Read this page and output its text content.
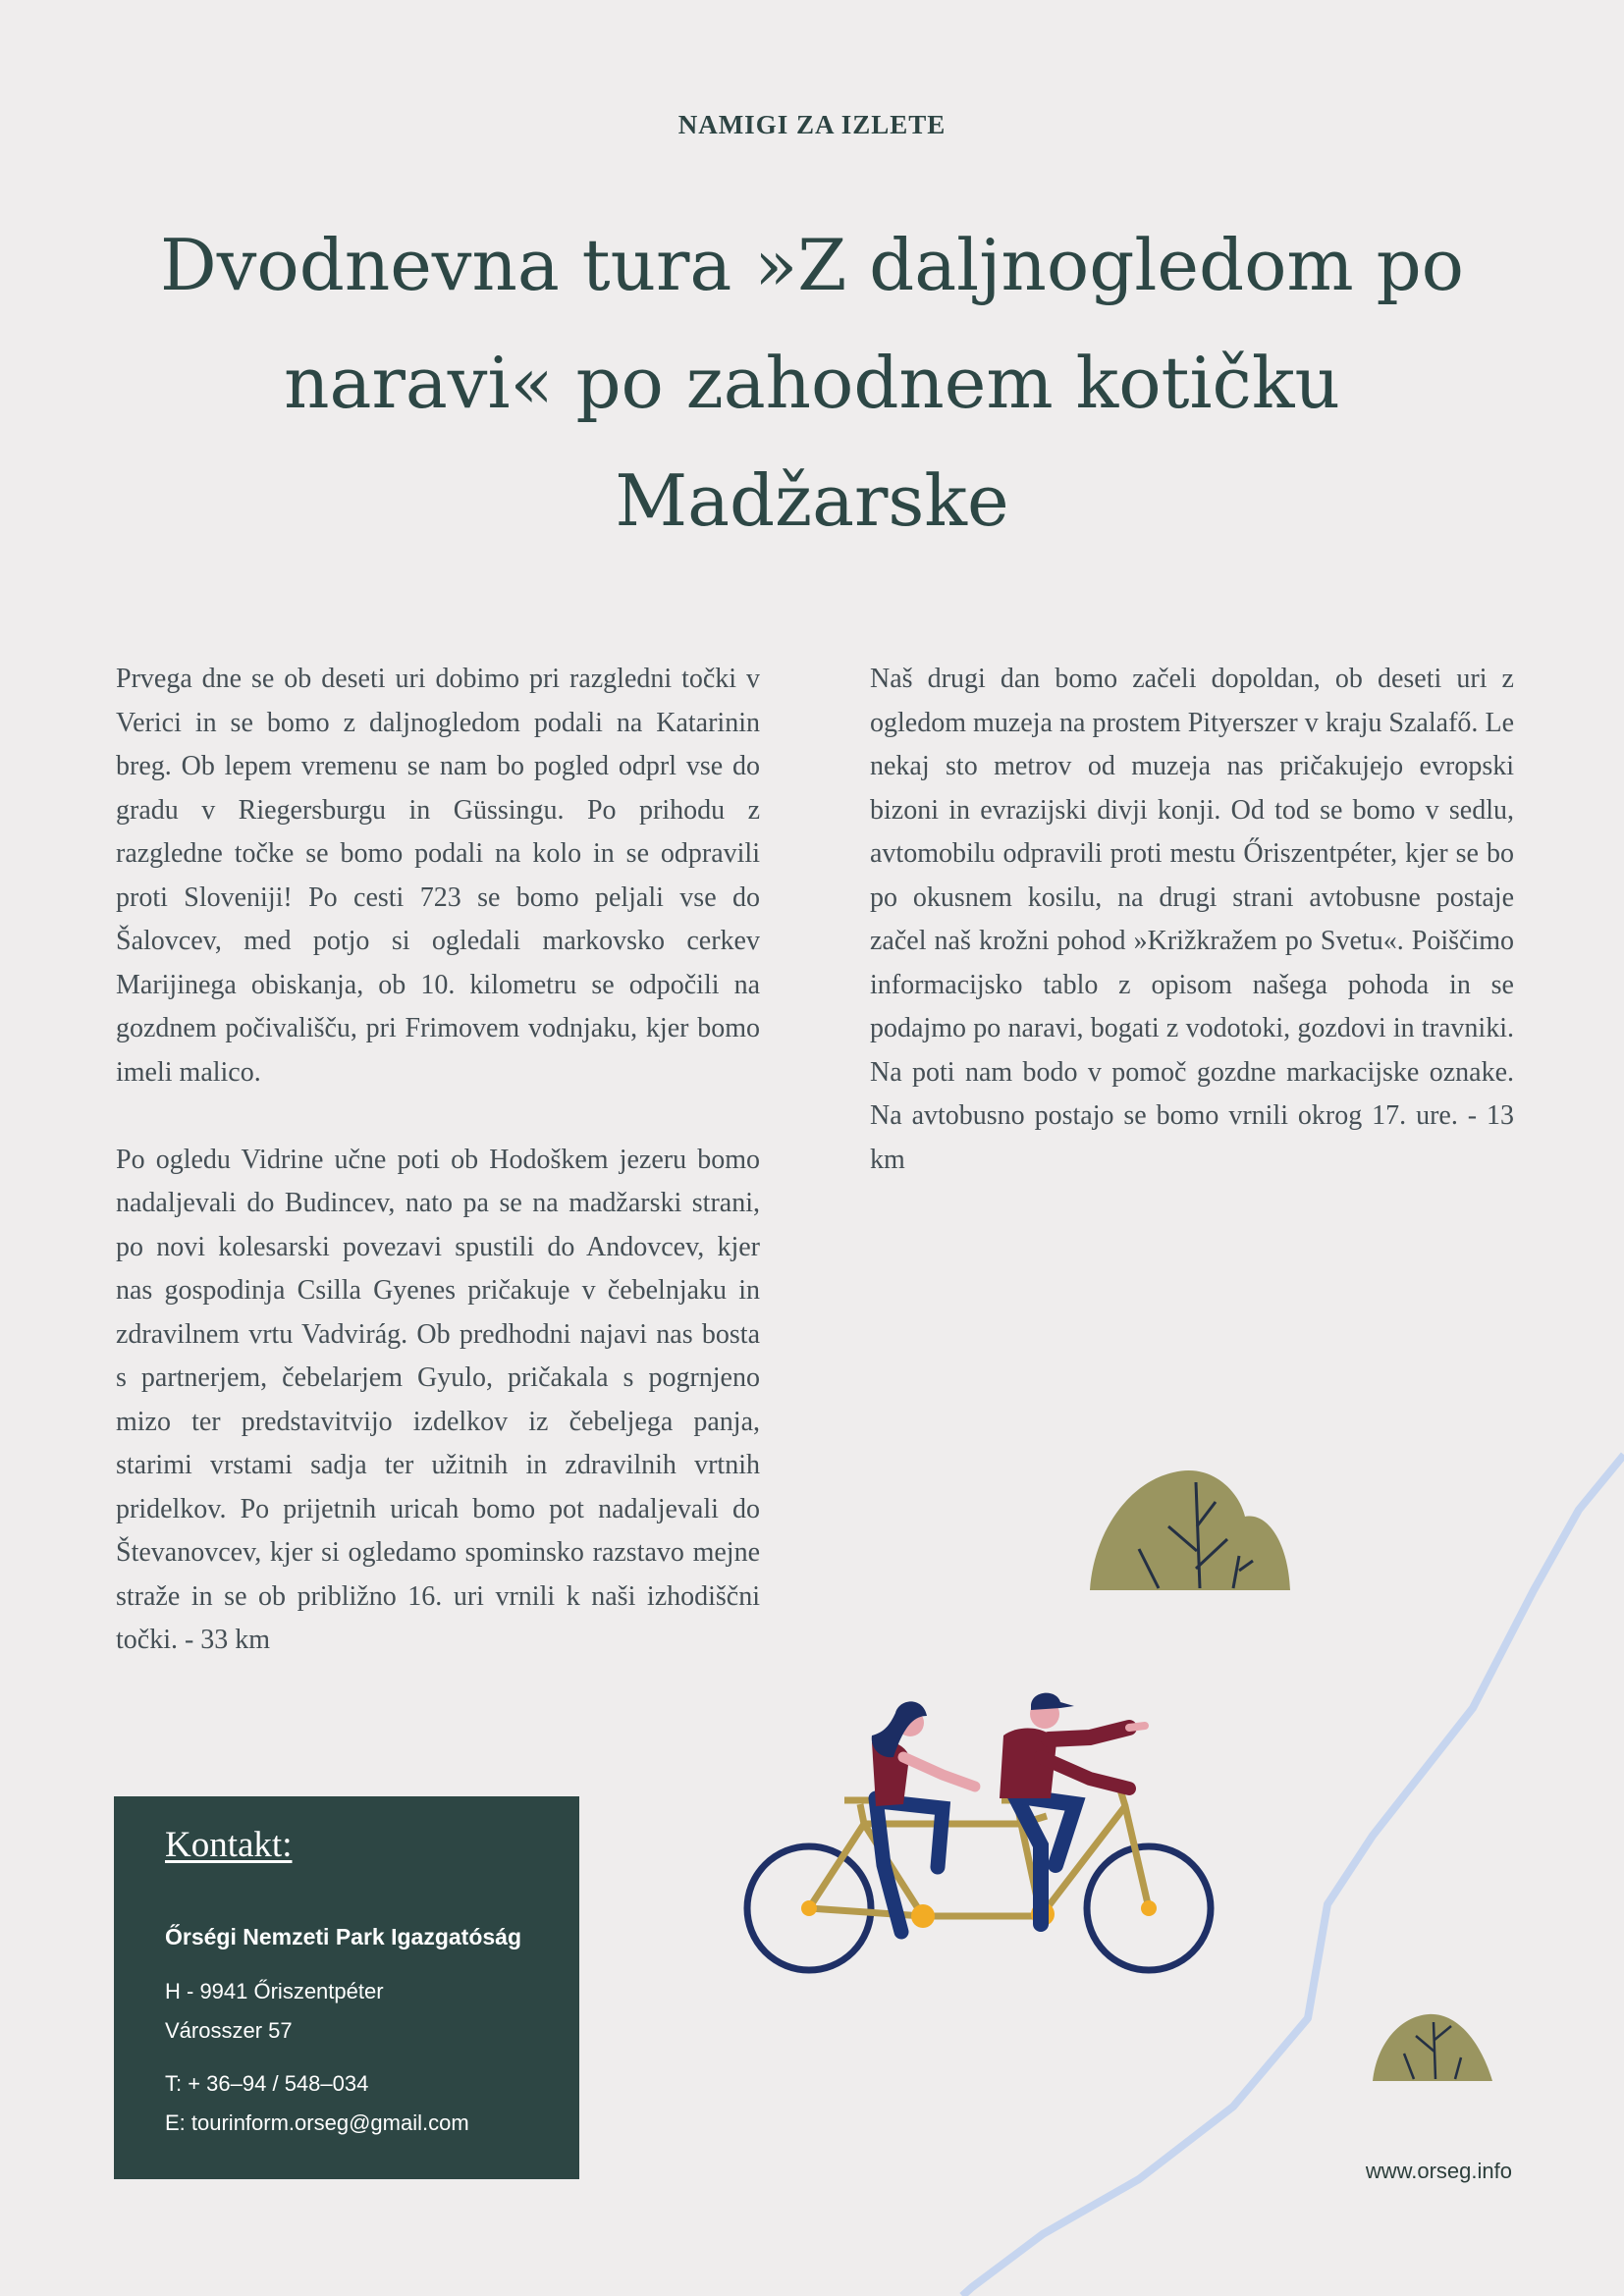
NAMIGI ZA IZLETE
Dvodnevna tura »Z daljnogledom po naravi« po zahodnem kotičku Madžarske

Prvega dne se ob deseti uri dobimo pri razgledni točki v Verici in se bomo z daljnogledom podali na Katarinin breg. Ob lepem vremenu se nam bo pogled odprl vse do gradu v Riegersburgu in Güssingu. Po prihodu z razgledne točke se bomo podali na kolo in se odpravili proti Sloveniji! Po cesti 723 se bomo peljali vse do Šalovcev, med potjo si ogledali markovsko cerkev Marijinega obiskanja, ob 10. kilometru se odpočili na gozdnem počivališču, pri Frimovem vodnjaku, kjer bomo imeli malico.

Po ogledu Vidrine učne poti ob Hodoškem jezeru bomo nadaljevali do Budincev, nato pa se na madžarski strani, po novi kolesarski povezavi spustili do Andovcev, kjer nas gospodinja Csilla Gyenes pričakuje v čebelnjaku in zdravilnem vrtu Vadvirág. Ob predhodni najavi nas bosta s partnerjem, čebelarjem Gyulo, pričakala s pogrnjeno mizo ter predstavitvijo izdelkov iz čebeljega panja, starimi vrstami sadja ter užitnih in zdravilnih vrtnih pridelkov. Po prijetnih uricah bomo pot nadaljevali do Števanovcev, kjer si ogledamo spominsko razstavo mejne straže in se ob približno 16. uri vrnili k naši izhodiščni točki. - 33 km

Naš drugi dan bomo začeli dopoldan, ob deseti uri z ogledom muzeja na prostem Pityerszer v kraju Szalafő. Le nekaj sto metrov od muzeja nas pričakujejo evropski bizoni in evrazijski divji konji. Od tod se bomo v sedlu, avtomobilu odpravili proti mestu Őriszentpéter, kjer se bo po okusnem kosilu, na drugi strani avtobusne postaje začel naš krožni pohod »Križkražem po Svetu«. Poiščimo informacijsko tablo z opisom našega pohoda in se podajmo po naravi, bogati z vodotoki, gozdovi in travniki. Na poti nam bodo v pomoč gozdne markacijske oznake. Na avtobusno postajo se bomo vrnili okrog 17. ure. - 13 km

Kontakt:
Őrségi Nemzeti Park Igazgatóság
H - 9941 Őriszentpéter
Városszer 57
T: + 36–94 / 548–034
E: tourinform.orseg@gmail.com
www.orseg.info
